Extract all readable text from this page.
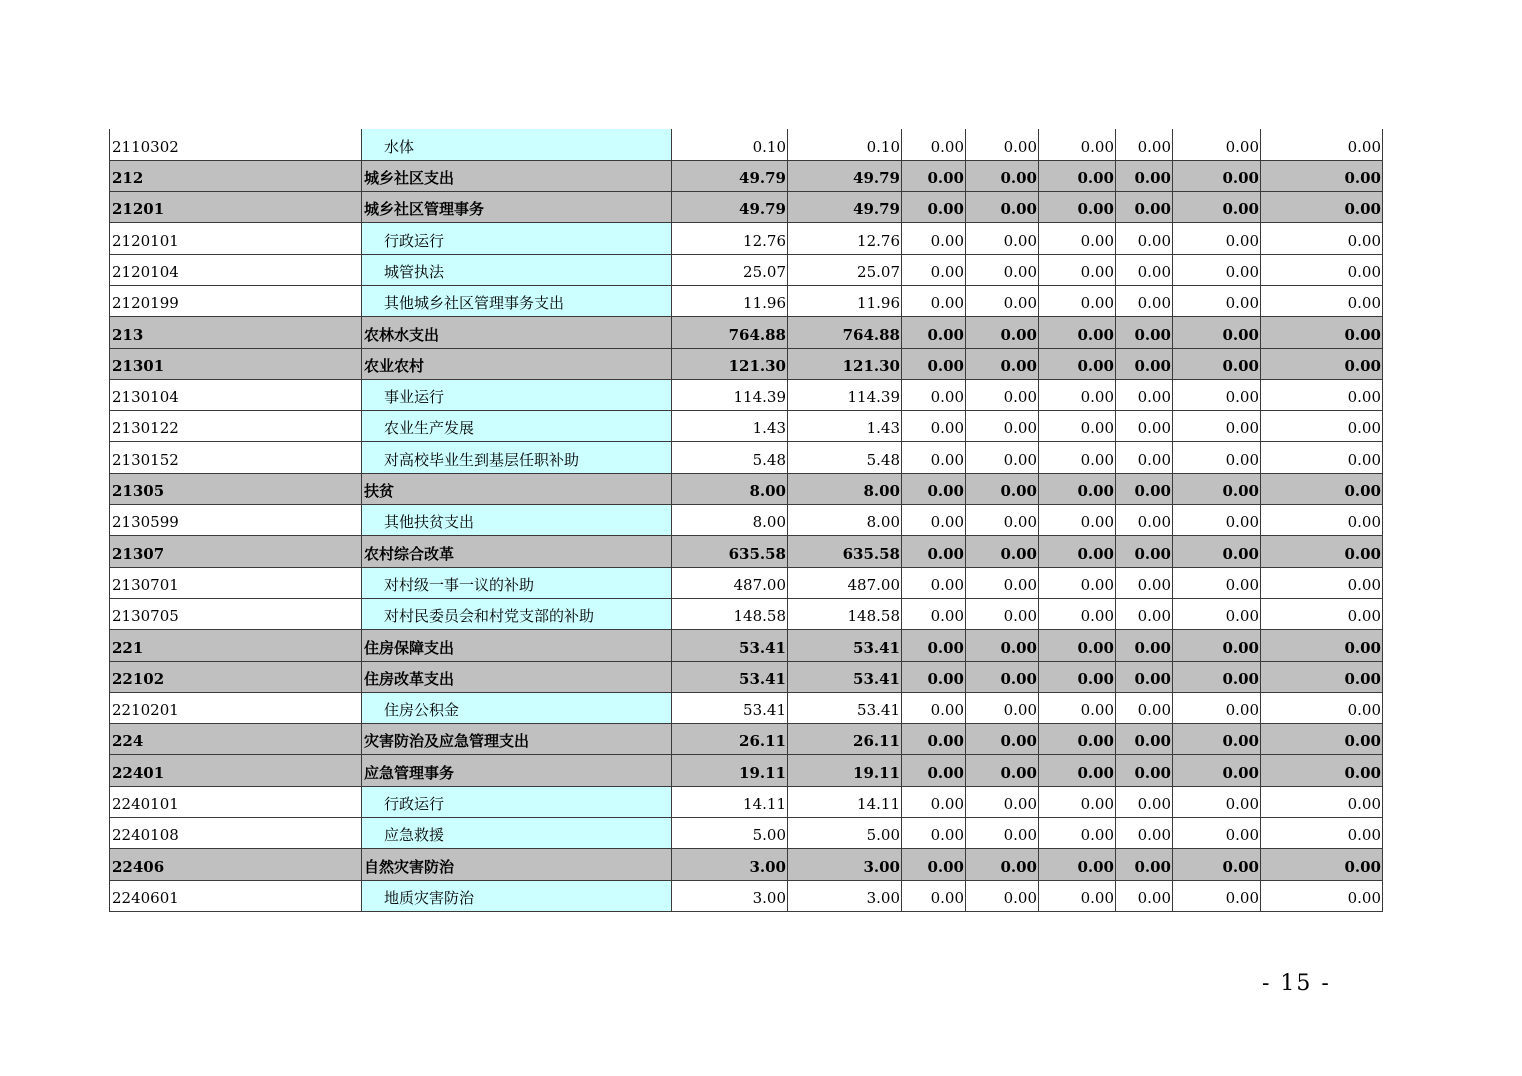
2110302	水体	0.10	0.10	0.00	0.00	0.00	0.00	0.00	0.00
212	城乡社区支出	49.79	49.79	0.00	0.00	0.00	0.00	0.00	0.00
21201	城乡社区管理事务	49.79	49.79	0.00	0.00	0.00	0.00	0.00	0.00
2120101	行政运行	12.76	12.76	0.00	0.00	0.00	0.00	0.00	0.00
2120104	城管执法	25.07	25.07	0.00	0.00	0.00	0.00	0.00	0.00
2120199	其他城乡社区管理事务支出	11.96	11.96	0.00	0.00	0.00	0.00	0.00	0.00
213	农林水支出	764.88	764.88	0.00	0.00	0.00	0.00	0.00	0.00
21301	农业农村	121.30	121.30	0.00	0.00	0.00	0.00	0.00	0.00
2130104	事业运行	114.39	114.39	0.00	0.00	0.00	0.00	0.00	0.00
2130122	农业生产发展	1.43	1.43	0.00	0.00	0.00	0.00	0.00	0.00
2130152	对高校毕业生到基层任职补助	5.48	5.48	0.00	0.00	0.00	0.00	0.00	0.00
21305	扶贫	8.00	8.00	0.00	0.00	0.00	0.00	0.00	0.00
2130599	其他扶贫支出	8.00	8.00	0.00	0.00	0.00	0.00	0.00	0.00
21307	农村综合改革	635.58	635.58	0.00	0.00	0.00	0.00	0.00	0.00
2130701	对村级一事一议的补助	487.00	487.00	0.00	0.00	0.00	0.00	0.00	0.00
2130705	对村民委员会和村党支部的补助	148.58	148.58	0.00	0.00	0.00	0.00	0.00	0.00
221	住房保障支出	53.41	53.41	0.00	0.00	0.00	0.00	0.00	0.00
22102	住房改革支出	53.41	53.41	0.00	0.00	0.00	0.00	0.00	0.00
2210201	住房公积金	53.41	53.41	0.00	0.00	0.00	0.00	0.00	0.00
224	灾害防治及应急管理支出	26.11	26.11	0.00	0.00	0.00	0.00	0.00	0.00
22401	应急管理事务	19.11	19.11	0.00	0.00	0.00	0.00	0.00	0.00
2240101	行政运行	14.11	14.11	0.00	0.00	0.00	0.00	0.00	0.00
2240108	应急救援	5.00	5.00	0.00	0.00	0.00	0.00	0.00	0.00
22406	自然灾害防治	3.00	3.00	0.00	0.00	0.00	0.00	0.00	0.00
2240601	地质灾害防治	3.00	3.00	0.00	0.00	0.00	0.00	0.00	0.00
- 15 -
